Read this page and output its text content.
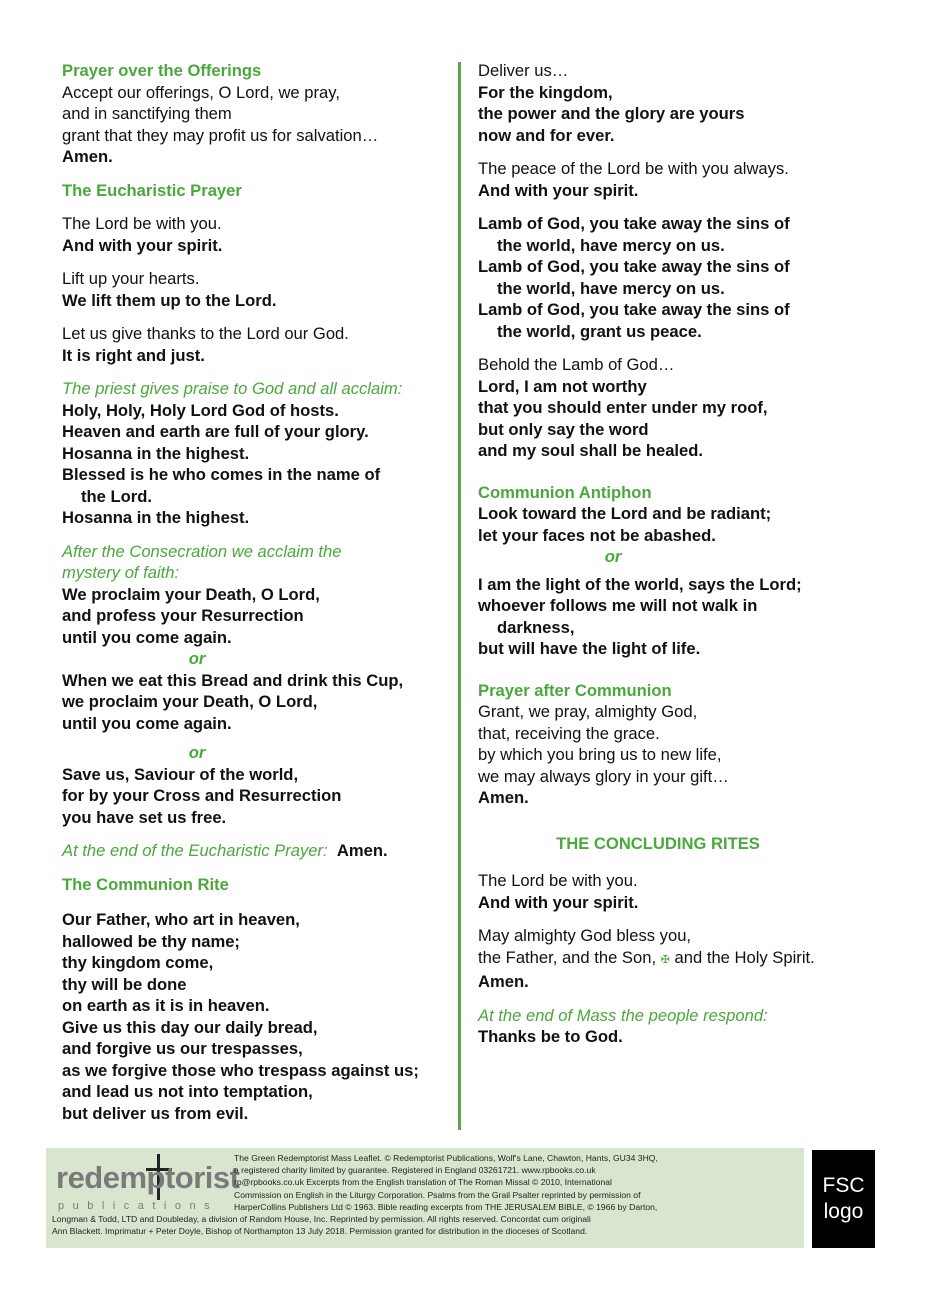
Prayer over the Offerings
Accept our offerings, O Lord, we pray,
and in sanctifying them
grant that they may profit us for salvation…
Amen.
The Eucharistic Prayer
The Lord be with you.
And with your spirit.
Lift up your hearts.
We lift them up to the Lord.
Let us give thanks to the Lord our God.
It is right and just.
The priest gives praise to God and all acclaim:
Holy, Holy, Holy Lord God of hosts.
Heaven and earth are full of your glory.
Hosanna in the highest.
Blessed is he who comes in the name of
the Lord.
Hosanna in the highest.
After the Consecration we acclaim the
mystery of faith:
We proclaim your Death, O Lord,
and profess your Resurrection
until you come again.
or
When we eat this Bread and drink this Cup,
we proclaim your Death, O Lord,
until you come again.
or
Save us, Saviour of the world,
for by your Cross and Resurrection
you have set us free.
At the end of the Eucharistic Prayer: Amen.
The Communion Rite
Our Father, who art in heaven,
hallowed be thy name;
thy kingdom come,
thy will be done
on earth as it is in heaven.
Give us this day our daily bread,
and forgive us our trespasses,
as we forgive those who trespass against us;
and lead us not into temptation,
but deliver us from evil.
Deliver us…
For the kingdom,
the power and the glory are yours
now and for ever.
The peace of the Lord be with you always.
And with your spirit.
Lamb of God, you take away the sins of
the world, have mercy on us.
Lamb of God, you take away the sins of
the world, have mercy on us.
Lamb of God, you take away the sins of
the world, grant us peace.
Behold the Lamb of God…
Lord, I am not worthy
that you should enter under my roof,
but only say the word
and my soul shall be healed.
Communion Antiphon
Look toward the Lord and be radiant;
let your faces not be abashed.
or
I am the light of the world, says the Lord;
whoever follows me will not walk in
darkness,
but will have the light of life.
Prayer after Communion
Grant, we pray, almighty God,
that, receiving the grace.
by which you bring us to new life,
we may always glory in your gift…
Amen.
THE CONCLUDING RITES
The Lord be with you.
And with your spirit.
May almighty God bless you,
the Father, and the Son, ✠ and the Holy Spirit.
Amen.
At the end of Mass the people respond:
Thanks be to God.
redemptorist
publications
The Green Redemptorist Mass Leaflet. © Redemptorist Publications, Wolf's Lane, Chawton, Hants, GU34 3HQ,
a registered charity limited by guarantee. Registered in England 03261721. www.rpbooks.co.uk
rp@rpbooks.co.uk Excerpts from the English translation of The Roman Missal © 2010, International
Commission on English in the Liturgy Corporation. Psalms from the Grail Psalter reprinted by permission of
HarperCollins Publishers Ltd © 1963. Bible reading excerpts from THE JERUSALEM BIBLE, © 1966 by Darton,
Longman & Todd, LTD and Doubleday, a division of Random House, Inc. Reprinted by permission. All rights reserved. Concordat cum originali
Ann Blackett. Imprimatur + Peter Doyle, Bishop of Northampton 13 July 2018. Permission granted for distribution in the dioceses of Scotland.
FSC logo
